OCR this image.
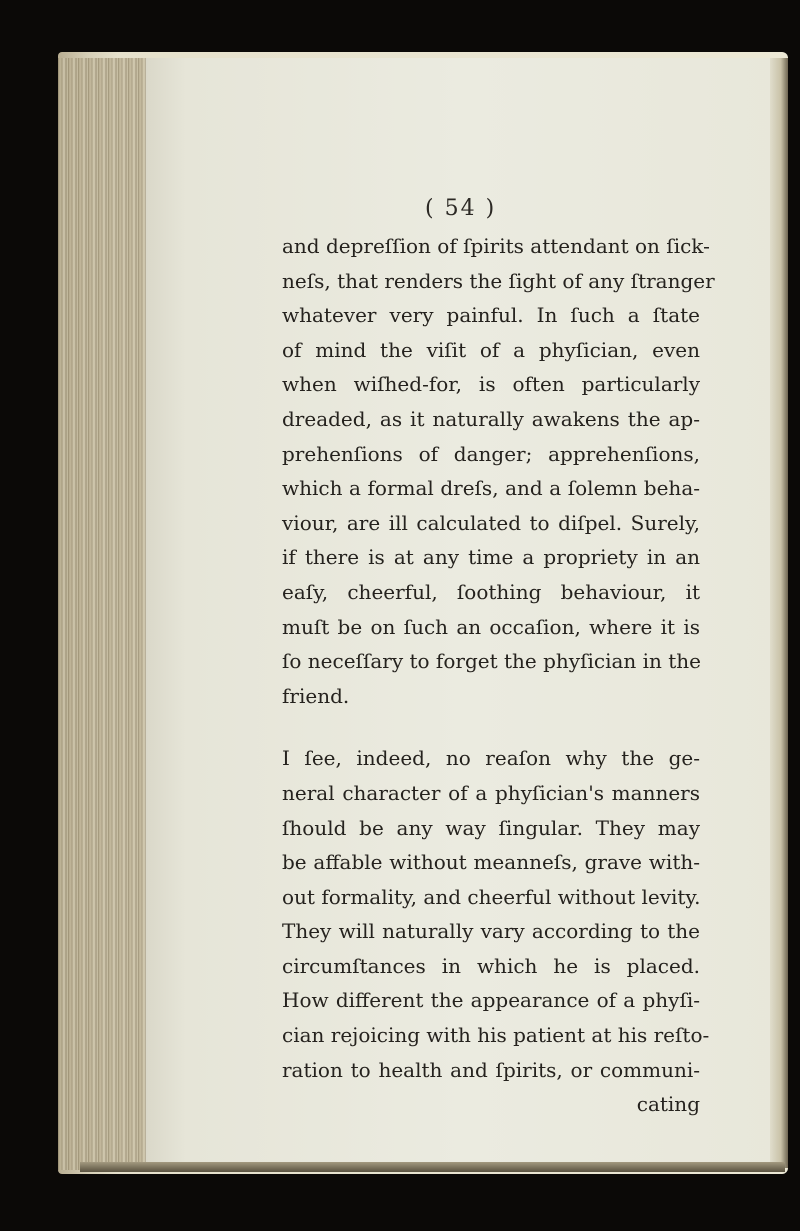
( 54 )
and depreſſion of ſpirits attendant on ſick-
neſs, that renders the ſight of any ſtranger
whatever very painful. In ſuch a ſtate
of mind the viſit of a phyſician, even
when wiſhed-for, is often particularly
dreaded, as it naturally awakens the ap-
prehenſions of danger; apprehenſions,
which a formal dreſs, and a ſolemn beha-
viour, are ill calculated to diſpel. Surely,
if there is at any time a propriety in an
eaſy, cheerful, ſoothing behaviour, it
muſt be on ſuch an occaſion, where it is
ſo neceſſary to forget the phyſician in the
friend.
I ſee, indeed, no reaſon why the ge-
neral character of a phyſician's manners
ſhould be any way ſingular. They may
be affable without meanneſs, grave with-
out formality, and cheerful without levity.
They will naturally vary according to the
circumſtances in which he is placed.
How different the appearance of a phyſi-
cian rejoicing with his patient at his reſto-
ration to health and ſpirits, or communi-
cating
